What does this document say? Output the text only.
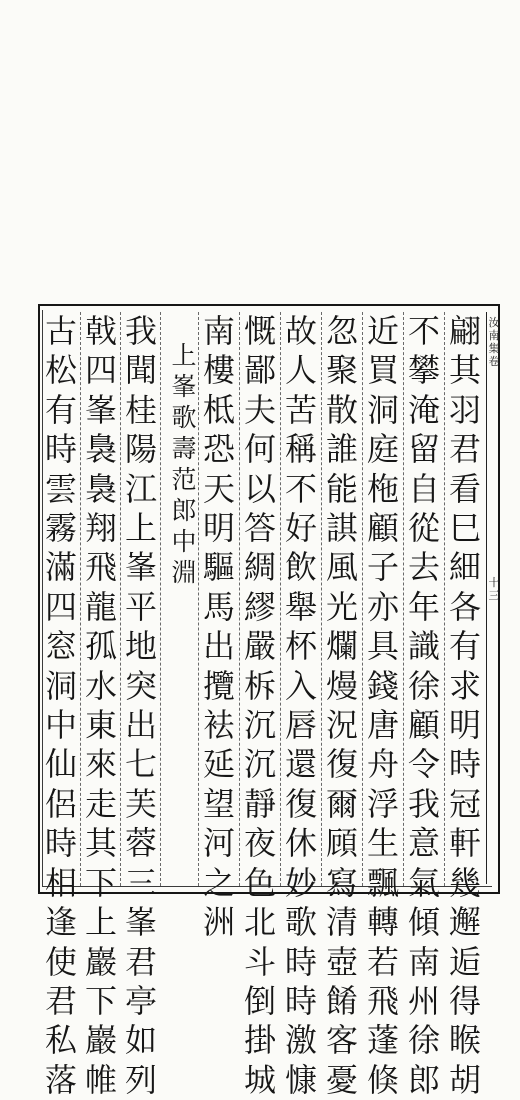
汝南集卷
十三
翩其羽君看巳細各有求明時冠軒幾邂逅得睺胡
不攀淹留自從去年識徐顧令我意氣傾南州徐郎
近買洞庭柂顧子亦具錢唐舟浮生飄轉若飛蓬倏
忽聚散誰能諆風光爛熳況復爾頋寫清壺餚客憂
故人苦稱不好飲舉杯入唇還復休妙歌時時激慷
慨鄙夫何以答綢繆嚴柝沉沉靜夜色北斗倒掛城
南樓柢恐天明驅馬出攬袪延望河之洲
上峯歌壽范郎中淵
我聞桂陽江上峯平地突出七芙蓉三峯君亭如列
戟四峯裊裊翔飛龍孤水東來走其下上巖下巖帷
古松有時雲霧滿四窓洞中仙侶時相逢使君私落
